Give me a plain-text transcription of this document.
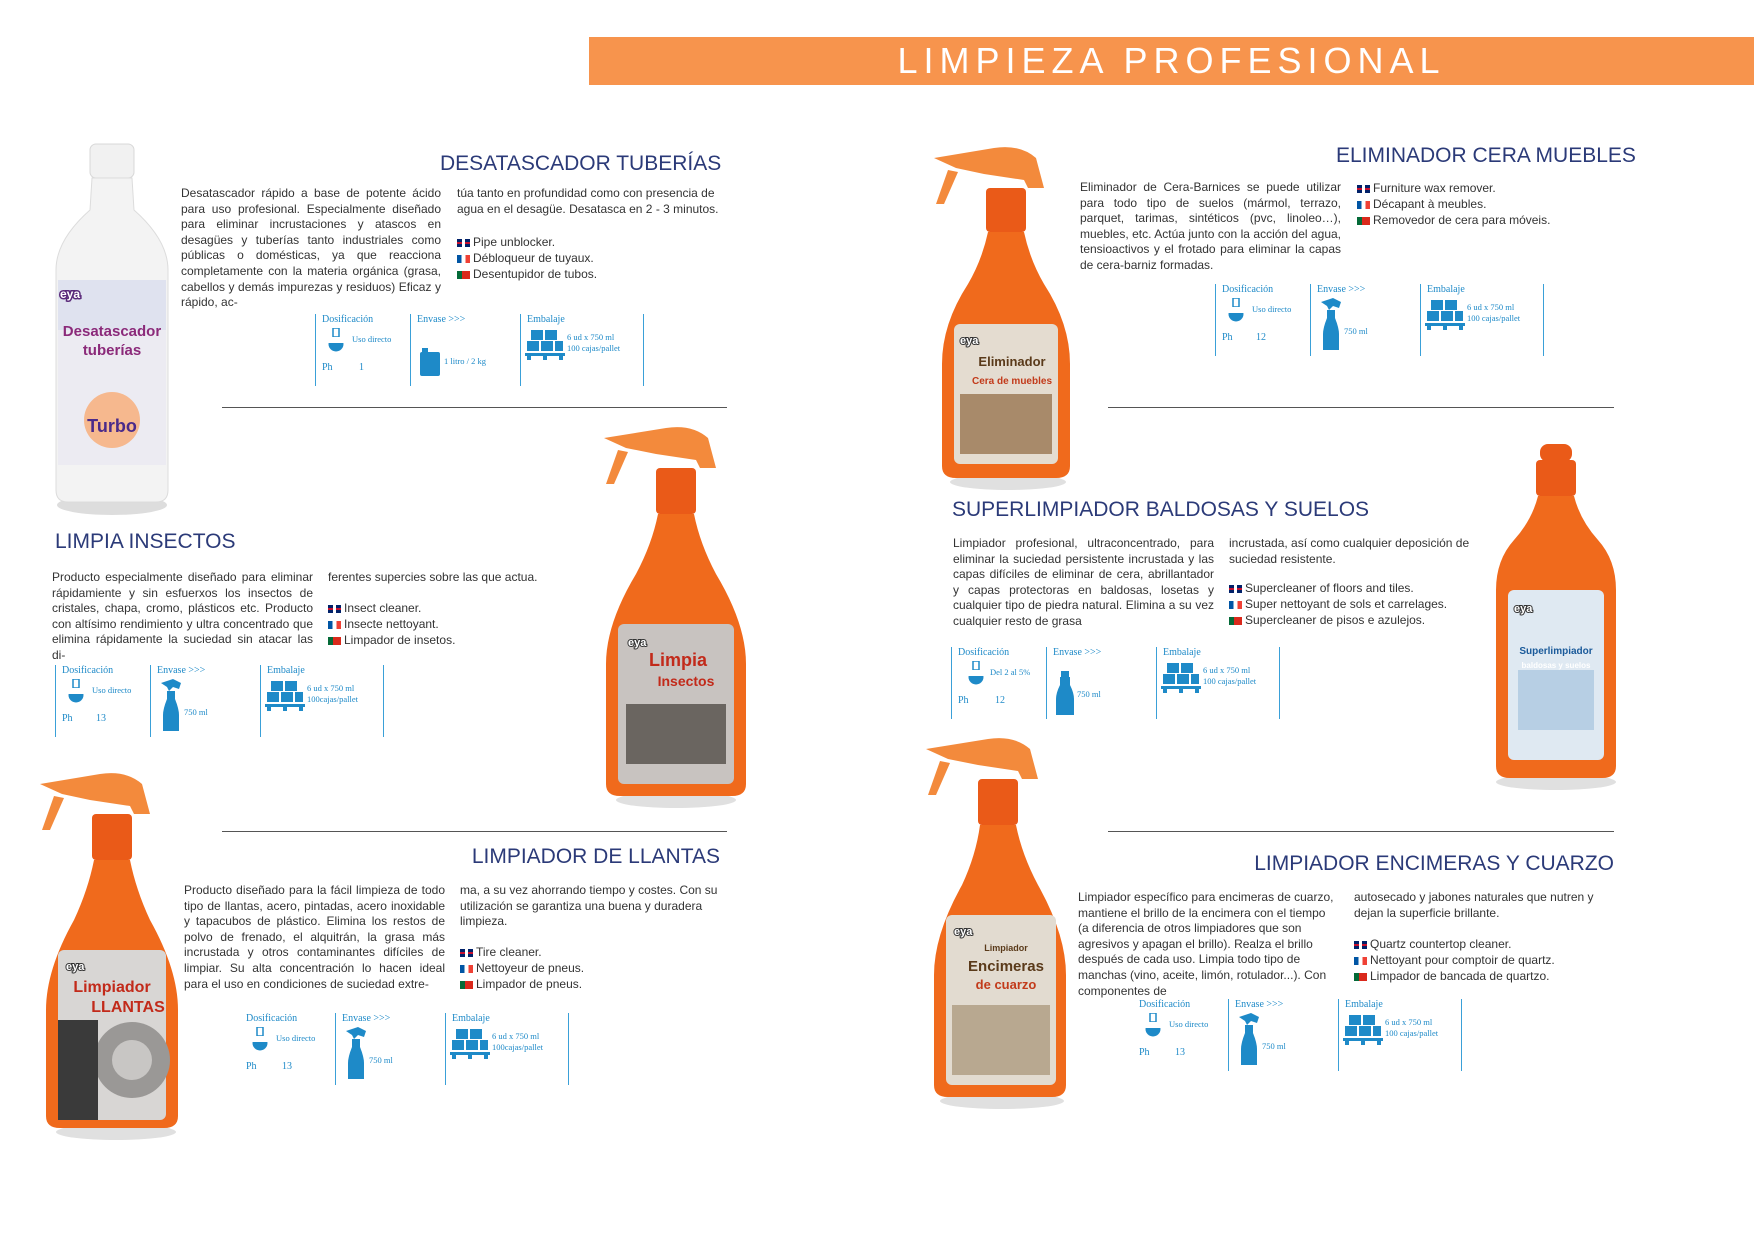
LIMPIEZA PROFESIONAL
eya
Desatascador
tuberías
Turbo
DESATASCADOR TUBERÍAS
Desatascador rápido a base de potente ácido para uso profesional. Especialmente diseñado para eliminar incrustaciones y atascos en desagües y tuberías tanto industriales como públicas o domésticas, ya que reacciona completamente con la materia orgánica (grasa, cabellos y demás impurezas y residuos) Eficaz y rápido, ac-
túa tanto en profundidad como con presencia de agua en el desagüe. Desatasca en 2 - 3 minutos.
Pipe unblocker.
Débloqueur de tuyaux.
Desentupidor de tubos.
Dosificación
Uso directo
Ph	1
Envase >>>
1 litro / 2 kg
Embalaje
6 ud x 750 ml
100 cajas/pallet
eya
Limpia
Insectos
LIMPIA INSECTOS
Producto especialmente diseñado para eliminar rápidamiente y sin esfuerxos los insectos de cristales, chapa, cromo, plásticos etc. Producto con altísimo rendimiento y ultra concentrado que elimina rápidamente la suciedad sin atacar las di-
ferentes supercies sobre las que actua.
Insect cleaner.
Insecte nettoyant.
Limpador de insetos.
Dosificación
Uso directo
Ph 13
Envase >>>
750 ml
Embalaje
6 ud x 750 ml
100cajas/pallet
eya
Limpiador
LLANTAS
LIMPIADOR DE LLANTAS
Producto diseñado para la fácil limpieza de todo tipo de llantas, acero, pintadas, acero inoxidable y tapacubos de plástico. Elimina los restos de polvo de frenado, el alquitrán, la grasa más incrustada y otros contaminantes difíciles de limpiar. Su alta concentración lo hacen ideal para el uso en condiciones de suciedad extre-
ma, a su vez ahorrando tiempo y costes. Con su utilización se garantiza una buena y duradera limpieza.
Tire cleaner.
Nettoyeur de pneus.
Limpador de pneus.
Dosificación
Uso directo
Ph	13
Envase >>>
750 ml
Embalaje
6 ud x 750 ml
100cajas/pallet
eya
Eliminador
Cera de muebles
ELIMINADOR CERA MUEBLES
Eliminador de Cera-Barnices se puede utilizar para todo tipo de suelos (mármol, terrazo, parquet, tarimas, sintéticos (pvc, linoleo…), muebles, etc. Actúa junto con la acción del agua, tensioactivos y el frotado para eliminar la capas de cera-barniz formadas.
Furniture wax remover.
Décapant à meubles.
Removedor de cera para móveis.
Dosificación
Uso directo
Ph 12
Envase >>>
750 ml
Embalaje
6 ud x 750 ml
100 cajas/pallet
eya
Superlimpiador
baldosas y suelos
SUPERLIMPIADOR BALDOSAS Y SUELOS
Limpiador profesional, ultraconcentrado, para eliminar la suciedad persistente incrustada y las capas difíciles de eliminar de cera, abrillantador y capas protectoras en baldosas, losetas y cualquier tipo de piedra natural. Elimina a su vez cualquier resto de grasa
incrustada, así como cualquier deposición de suciedad resistente.
Supercleaner of floors and tiles.
Super nettoyant de sols et carrelages.
Supercleaner de pisos e azulejos.
Dosificación
Del 2 al 5%
Ph	12
Envase >>>
750 ml
Embalaje
6 ud x 750 ml
100 cajas/pallet
eya
Limpiador
Encimeras
de cuarzo
LIMPIADOR ENCIMERAS Y CUARZO
Limpiador específico para encimeras de cuarzo, mantiene el brillo de la encimera con el tiempo (a diferencia de otros limpiadores que son agresivos y apagan el brillo). Realza el brillo después de cada uso. Limpia todo tipo de manchas (vino, aceite, limón, rotulador...). Con componentes de
autosecado y jabones naturales que nutren y dejan la superficie brillante.
Quartz countertop cleaner.
Nettoyant pour comptoir de quartz.
Limpador de bancada de quartzo.
Dosificación
Uso directo
Ph	13
Envase >>>
750 ml
Embalaje
6 ud x 750 ml
100 cajas/pallet
